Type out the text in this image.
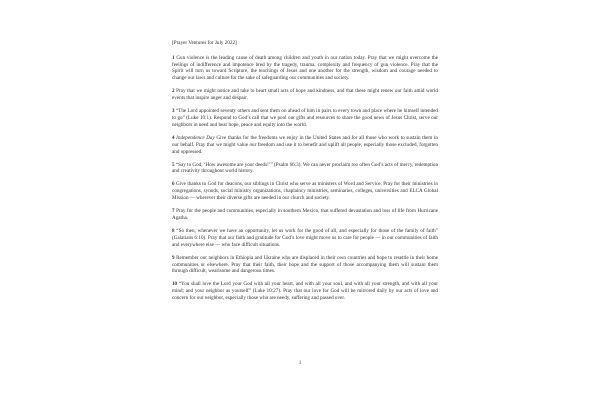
[Prayer Ventures for July 2022]

1 Gun violence is the leading cause of death among children and youth in our nation today. Pray that we might overcome the feelings of indifference and impotence bred by the tragedy, trauma, complexity and frequency of gun violence. Pray that the Spirit will turn us toward Scripture, the teachings of Jesus and one another for the strength, wisdom and courage needed to change our laws and culture for the sake of safeguarding our communities and society.

2 Pray that we might notice and take to heart small acts of hope and kindness, and that these might renew our faith amid world events that inspire anger and despair.

3 “The Lord appointed seventy others and sent them on ahead of him in pairs to every town and place where he himself intended to go” (Luke 10:1). Respond to God’s call that we pool our gifts and resources to share the good news of Jesus Christ, serve our neighbors in need and bear hope, peace and equity into the world.

4 Independence Day Give thanks for the freedoms we enjoy in the United States and for all those who work to sustain them in our behalf. Pray that we might value our freedom and use it to benefit and uplift all people, especially those excluded, forgotten and oppressed.

5 “Say to God, ‘How awesome are your deeds!’” (Psalm 66:3). We can never proclaim too often God’s acts of mercy, redemption and creativity throughout world history.

6 Give thanks to God for deacons, our siblings in Christ who serve as ministers of Word and Service. Pray for their ministries in congregations, synods, social ministry organizations, chaplaincy ministries, seminaries, colleges, universities and ELCA Global Mission — wherever their diverse gifts are needed in our church and society.

7 Pray for the people and communities, especially in southern Mexico, that suffered devastation and loss of life from Hurricane Agatha.

8 “So then, whenever we have an opportunity, let us work for the good of all, and especially for those of the family of faith” (Galatians 6:10). Pray that our faith and gratitude for God’s love might move us to care for people — in our communities of faith and everywhere else — who face difficult situations.

9 Remember our neighbors in Ethiopia and Ukraine who are displaced in their own countries and hope to resettle in their home communities or elsewhere. Pray that their faith, their hope and the support of those accompanying them will sustain them through difficult, wearisome and dangerous times.

10 “You shall love the Lord your God with all your heart, and with all your soul, and with all your strength, and with all your mind; and your neighbor as yourself” (Luke 10:27). Pray that our love for God will be mirrored daily by our acts of love and concern for our neighbor, especially those who are needy, suffering and passed over.

1
